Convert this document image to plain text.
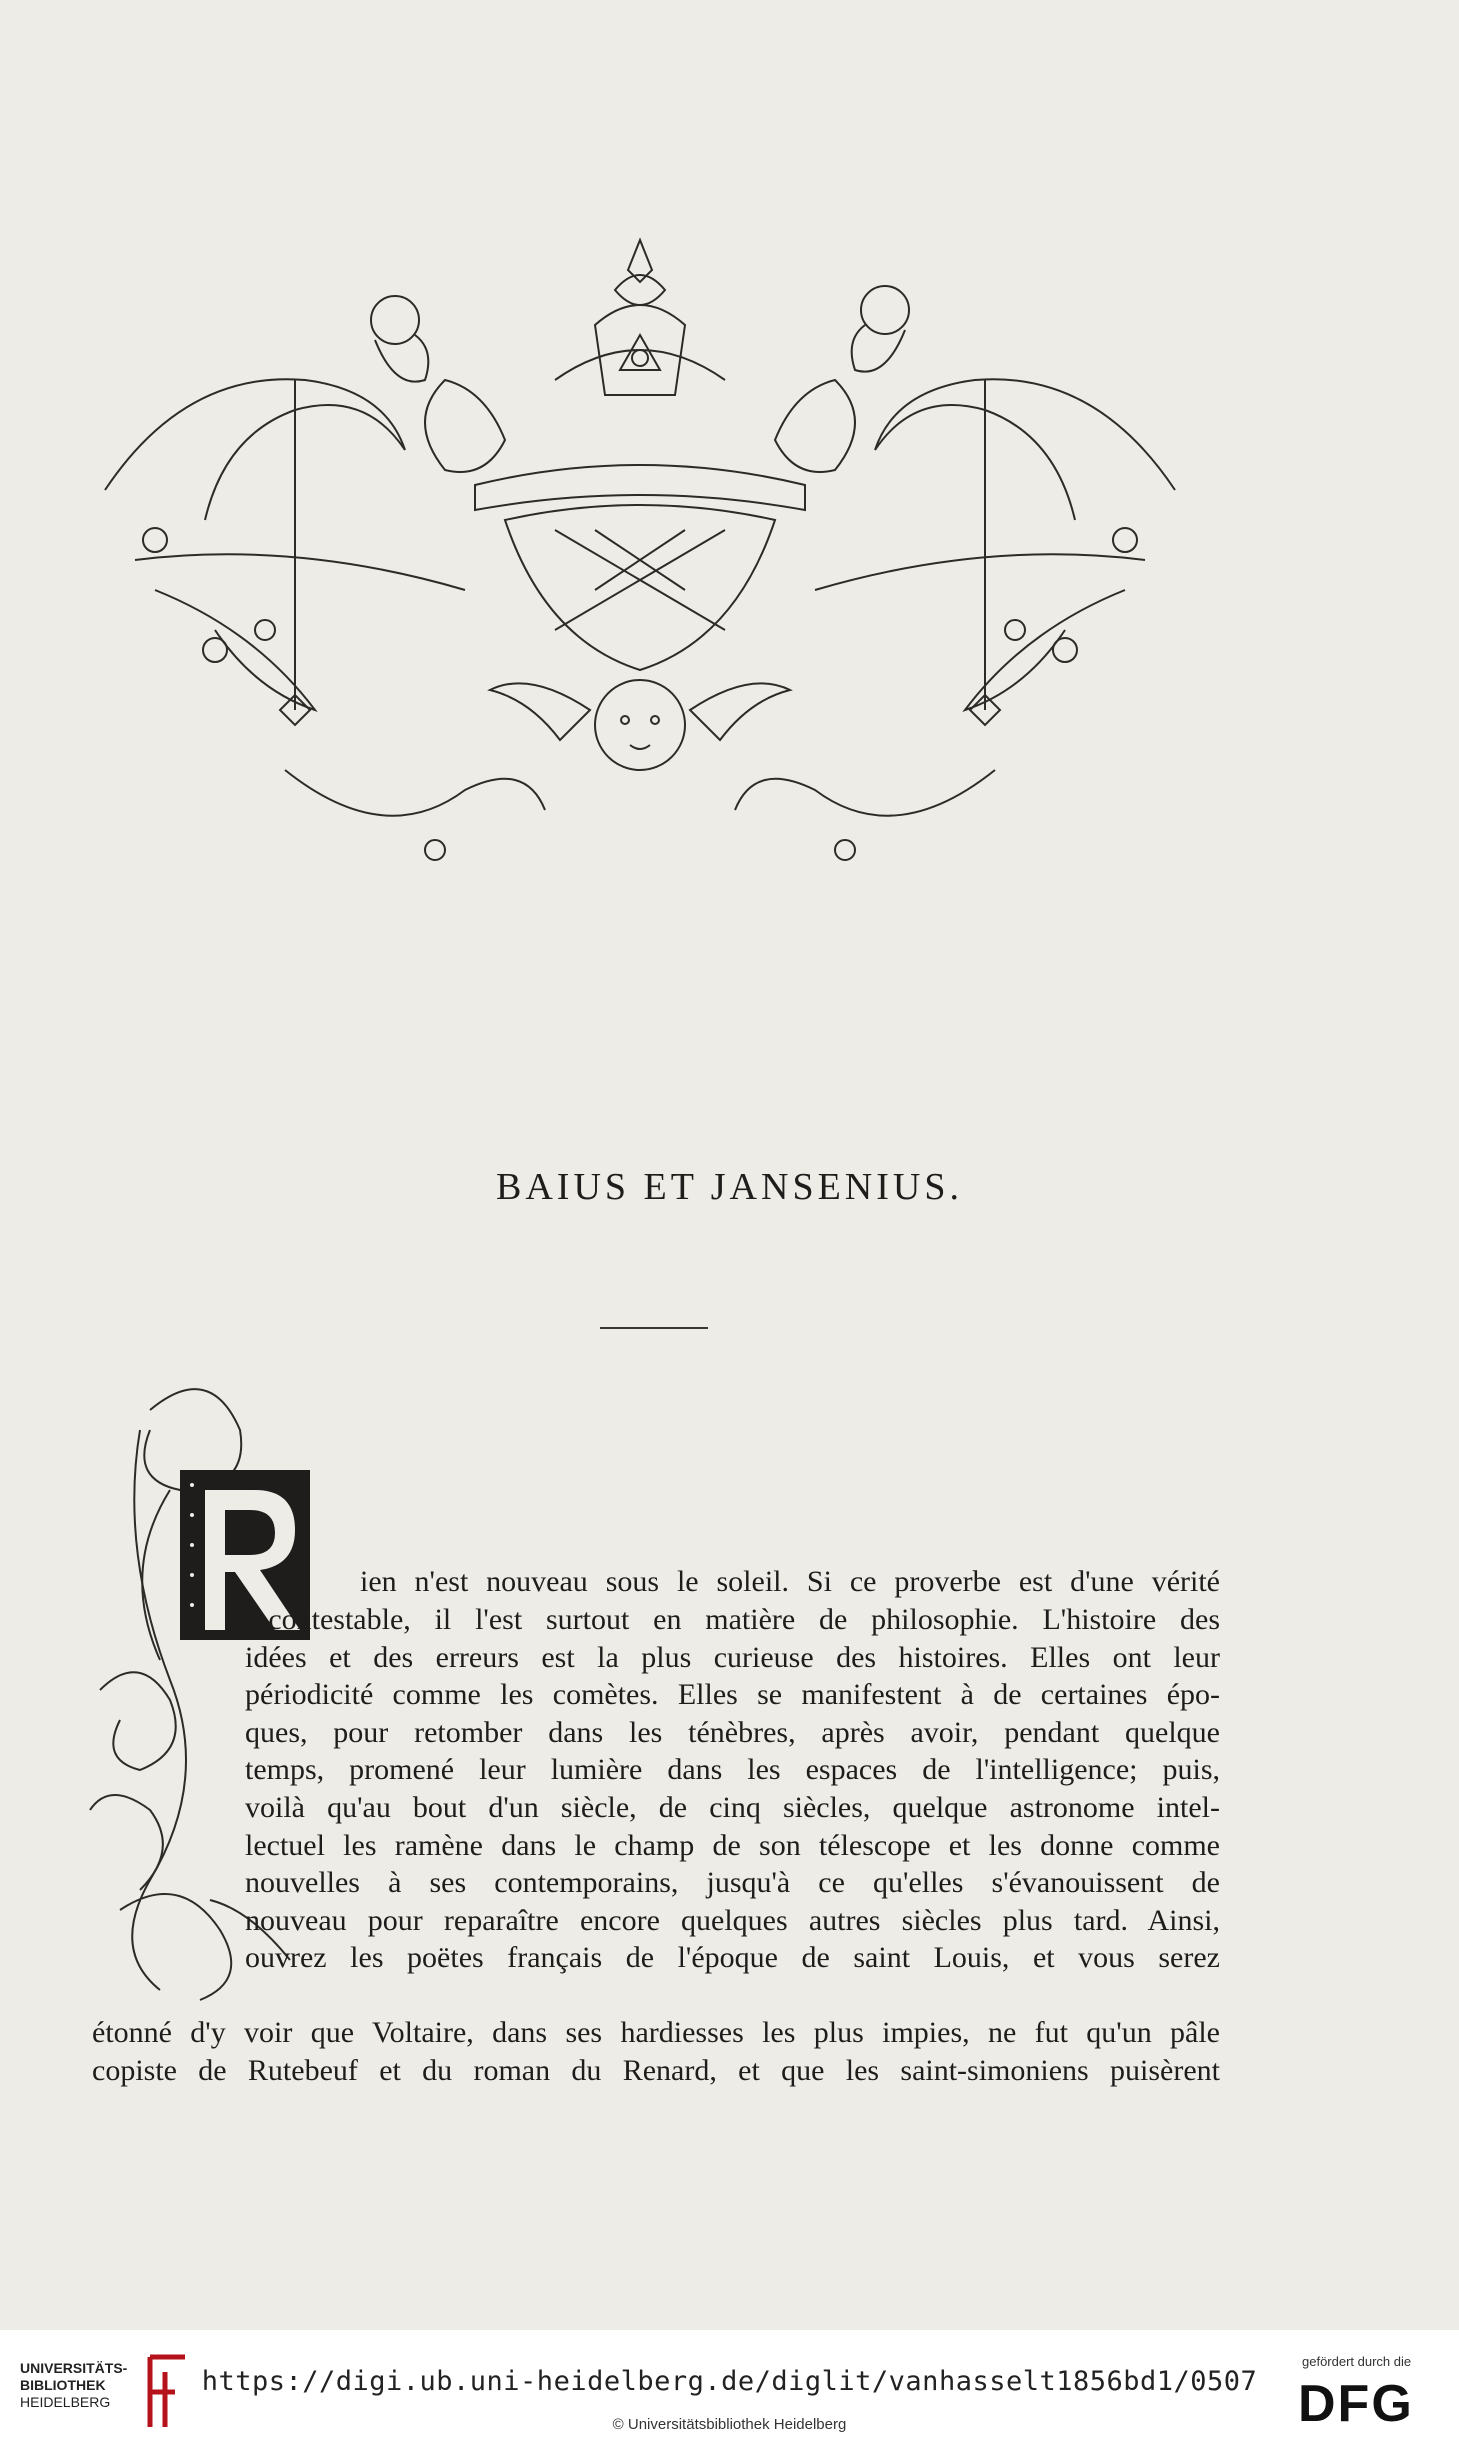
BAIUS ET JANSENIUS.
ien n'est nouveau sous le soleil. Si ce proverbe est d'une vérité
incontestable, il l'est surtout en matière de philosophie. L'histoire des
idées et des erreurs est la plus curieuse des histoires. Elles ont leur
périodicité comme les comètes. Elles se manifestent à de certaines épo-
ques, pour retomber dans les ténèbres, après avoir, pendant quelque
temps, promené leur lumière dans les espaces de l'intelligence; puis,
voilà qu'au bout d'un siècle, de cinq siècles, quelque astronome intel-
lectuel les ramène dans le champ de son télescope et les donne comme
nouvelles à ses contemporains, jusqu'à ce qu'elles s'évanouissent de
nouveau pour reparaître encore quelques autres siècles plus tard. Ainsi,
ouvrez les poëtes français de l'époque de saint Louis, et vous serez
étonné d'y voir que Voltaire, dans ses hardiesses les plus impies, ne fut qu'un pâle
copiste de Rutebeuf et du roman du Renard, et que les saint-simoniens puisèrent
UNIVERSITÄTS-
BIBLIOTHEK
HEIDELBERG
https://digi.ub.uni-heidelberg.de/diglit/vanhasselt1856bd1/0507
© Universitätsbibliothek Heidelberg
gefördert durch die
DFG
